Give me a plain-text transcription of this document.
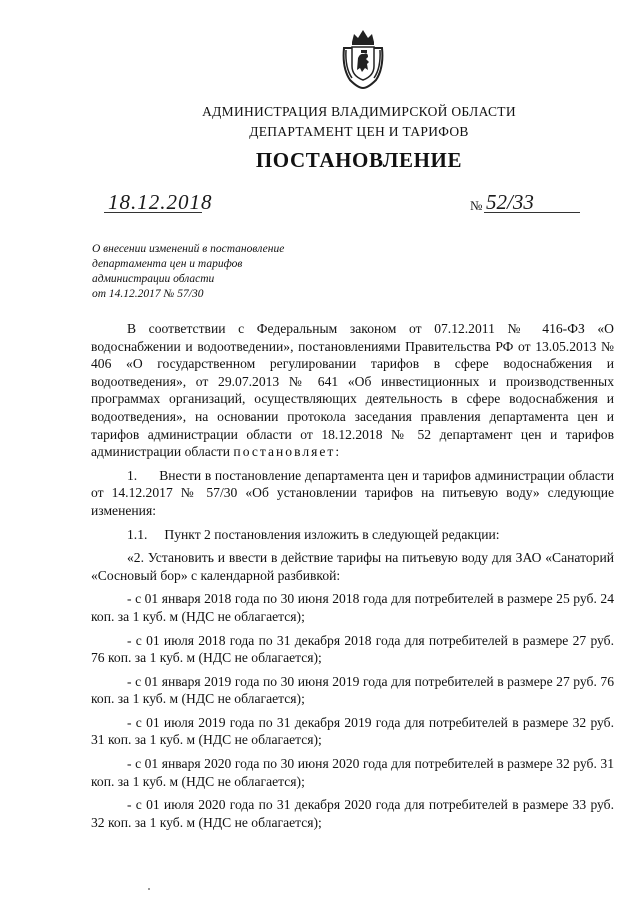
АДМИНИСТРАЦИЯ ВЛАДИМИРСКОЙ ОБЛАСТИ
ДЕПАРТАМЕНТ ЦЕН И ТАРИФОВ
ПОСТАНОВЛЕНИЕ
18.12.2018	№ 52/33
О внесении изменений в постановление
департамента цен и тарифов
администрации области
от 14.12.2017 № 57/30

В соответствии с Федеральным законом от 07.12.2011 № 416-ФЗ «О водоснабжении и водоотведении», постановлениями Правительства РФ от 13.05.2013 № 406 «О государственном регулировании тарифов в сфере водоснабжения и водоотведения», от 29.07.2013 № 641 «Об инвестиционных и производственных программах организаций, осуществляющих деятельность в сфере водоснабжения и водоотведения», на основании протокола заседания правления департамента цен и тарифов администрации области от 18.12.2018 № 52 департамент цен и тарифов администрации области постановляет:

1.      Внести в постановление департамента цен и тарифов администрации области от 14.12.2017 № 57/30 «Об установлении тарифов на питьевую воду» следующие изменения:

1.1.     Пункт 2 постановления изложить в следующей редакции:

«2. Установить и ввести в действие тарифы на питьевую воду для ЗАО «Санаторий «Сосновый бор» с календарной разбивкой:

- с 01 января 2018 года по 30 июня 2018 года для потребителей в размере 25 руб. 24 коп. за 1 куб. м (НДС не облагается);

- с 01 июля 2018 года по 31 декабря 2018 года для потребителей в размере 27 руб. 76 коп. за 1 куб. м (НДС не облагается);

- с 01 января 2019 года по 30 июня 2019 года для потребителей в размере 27 руб. 76 коп. за 1 куб. м (НДС не облагается);

- с 01 июля 2019 года по 31 декабря 2019 года для потребителей в размере 32 руб. 31 коп. за 1 куб. м (НДС не облагается);

- с 01 января 2020 года по 30 июня 2020 года для потребителей в размере 32 руб. 31 коп. за 1 куб. м (НДС не облагается);

- с 01 июля 2020 года по 31 декабря 2020 года для потребителей в размере 33 руб. 32 коп. за 1 куб. м (НДС не облагается);
